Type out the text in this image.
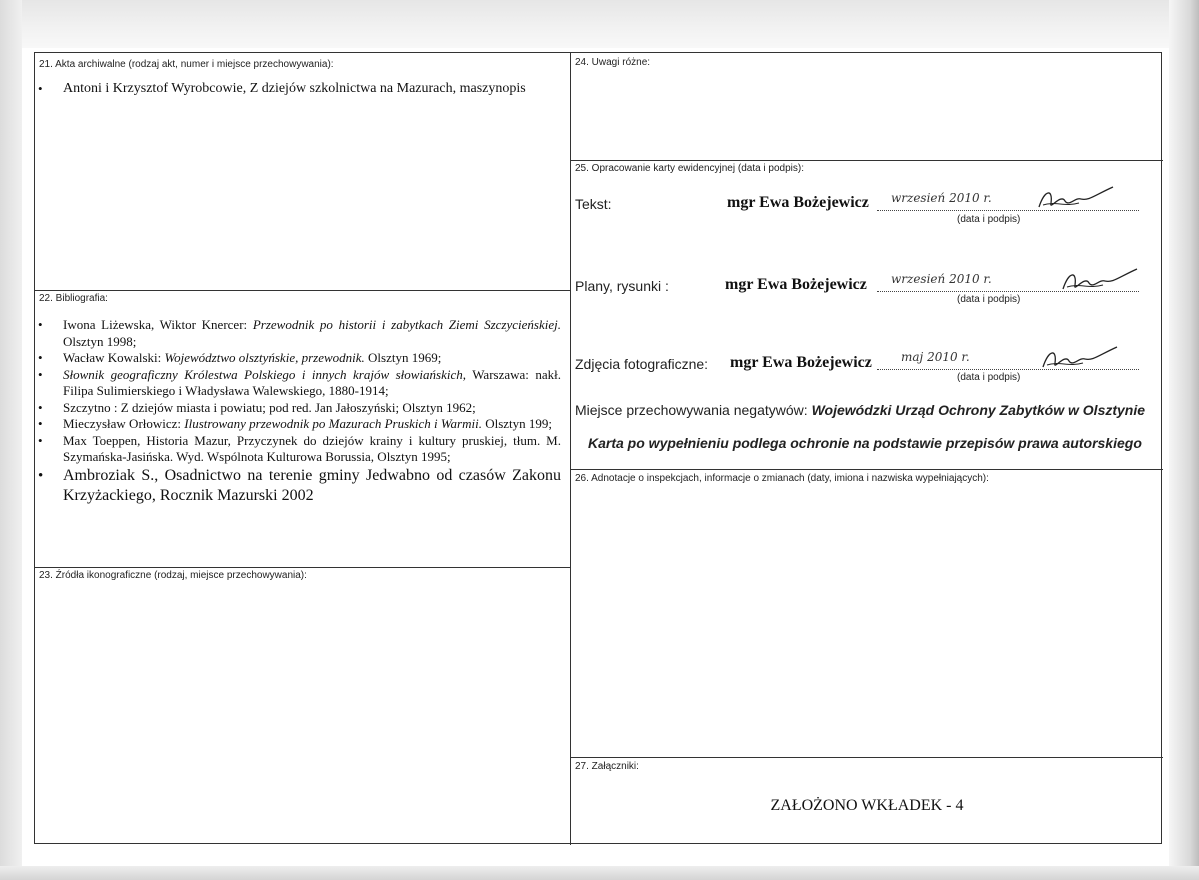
21. Akta archiwalne (rodzaj akt, numer i miejsce przechowywania):
• Antoni i Krzysztof Wyrobcowie, Z dziejów szkolnictwa na Mazurach, maszynopis
22. Bibliografia:
• Iwona Liżewska, Wiktor Knercer: Przewodnik po historii i zabytkach Ziemi Szczycieńskiej. Olsztyn 1998;
• Wacław Kowalski: Województwo olsztyńskie, przewodnik. Olsztyn 1969;
• Słownik geograficzny Królestwa Polskiego i innych krajów słowiańskich, Warszawa: nakł. Filipa Sulimierskiego i Władysława Walewskiego, 1880-1914;
• Szczytno : Z dziejów miasta i powiatu; pod red. Jan Jałoszyński; Olsztyn 1962;
• Mieczysław Orłowicz: Ilustrowany przewodnik po Mazurach Pruskich i Warmii. Olsztyn 199;
• Max Toeppen, Historia Mazur, Przyczynek do dziejów krainy i kultury pruskiej, tłum. M. Szymańska-Jasińska. Wyd. Wspólnota Kulturowa Borussia, Olsztyn 1995;
• Ambroziak S., Osadnictwo na terenie gminy Jedwabno od czasów Zakonu Krzyżackiego, Rocznik Mazurski 2002
23. Źródła ikonograficzne (rodzaj, miejsce przechowywania):
24. Uwagi różne:
25. Opracowanie karty ewidencyjnej (data i podpis):
Tekst:	mgr Ewa Bożejewicz wrzesień 2010 r.
(data i podpis)
Plany, rysunki :	mgr Ewa Bożejewicz wrzesień 2010 r.
(data i podpis)
Zdjęcia fotograficzne: mgr Ewa Bożejewicz maj 2010 r.
(data i podpis)
Miejsce przechowywania negatywów: Wojewódzki Urząd Ochrony Zabytków w Olsztynie
Karta po wypełnieniu podlega ochronie na podstawie przepisów prawa autorskiego
26. Adnotacje o inspekcjach, informacje o zmianach (daty, imiona i nazwiska wypełniających):
27. Załączniki:
ZAŁOŻONO WKŁADEK - 4
